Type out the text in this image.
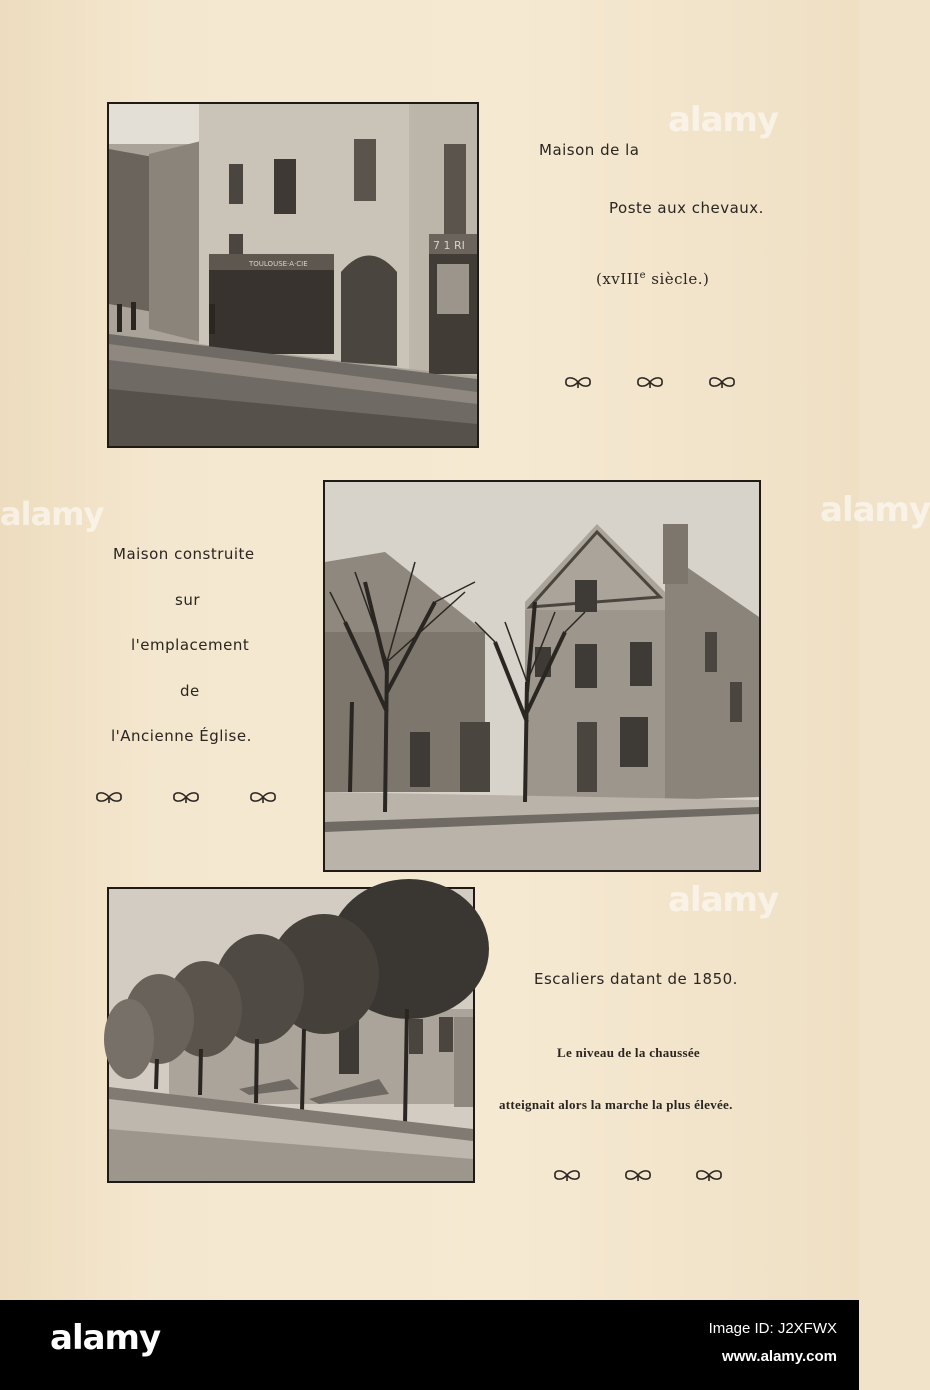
TOULOUSE·A·CIE
7 1 RI
Maison de la
Poste aux chevaux.
(xvIII$^e$ siècle.)
Maison construite
sur
l'emplacement
de
l'Ancienne Église.
Escaliers datant de 1850.
Le niveau de la chaussée
atteignait alors la marche la plus élevée.
alamy
alamy	alamy
alamy
alamy	Image ID: J2XFWX
www.alamy.com
